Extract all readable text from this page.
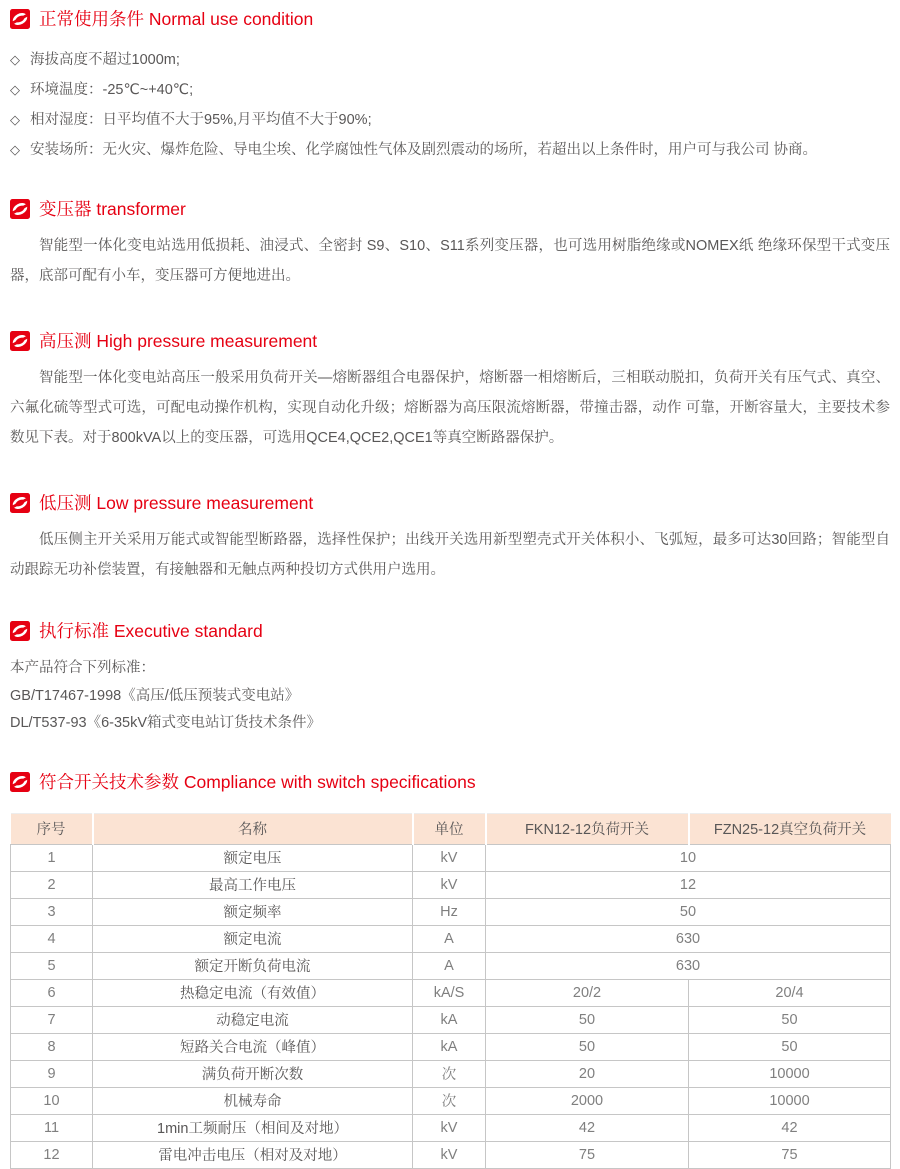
正常使用条件 Normal use condition
◇ 海拔高度不超过1000m;
◇ 环境温度：-25℃~+40℃;
◇ 相对湿度：日平均值不大于95%,月平均值不大于90%;
◇ 安装场所：无火灾、爆炸危险、导电尘埃、化学腐蚀性气体及剧烈震动的场所，若超出以上条件时，用户可与我公司 协商。
变压器 transformer

智能型一体化变电站选用低损耗、油浸式、全密封 S9、S10、S11系列变压器，也可选用树脂绝缘或NOMEX纸 绝缘环保型干式变压器，底部可配有小车，变压器可方便地进出。

高压测 High pressure measurement

智能型一体化变电站高压一般采用负荷开关—熔断器组合电器保护，熔断器一相熔断后，三相联动脱扣，负荷开关有压气式、真空、六氟化硫等型式可选，可配电动操作机构，实现自动化升级；熔断器为高压限流熔断器，带撞击器，动作 可靠，开断容量大，主要技术参数见下表。对于800kVA以上的变压器，可选用QCE4,QCE2,QCE1等真空断路器保护。

低压测 Low pressure measurement

低压侧主开关采用万能式或智能型断路器，选择性保护；出线开关选用新型塑壳式开关体积小、飞弧短，最多可达30回路；智能型自动跟踪无功补偿装置，有接触器和无触点两种投切方式供用户选用。

执行标准 Executive standard
本产品符合下列标准：
GB/T17467-1998《高压/低压预装式变电站》
DL/T537-93《6-35kV箱式变电站订货技术条件》
符合开关技术参数 Compliance with switch specifications
序号	名称	单位	FKN12-12负荷开关	FZN25-12真空负荷开关
1	额定电压	kV	10	
2	最高工作电压	kV	12	
3	额定频率	Hz	50	
4	额定电流	A	630	
5	额定开断负荷电流	A	630	
6	热稳定电流（有效值）	kA/S	20/2	20/4
7	动稳定电流	kA	50	50
8	短路关合电流（峰值）	kA	50	50
9	满负荷开断次数	次	20	10000
10	机械寿命	次	2000	10000
11	1min工频耐压（相间及对地）	kV	42	42
12	雷电冲击电压（相对及对地）	kV	75	75
